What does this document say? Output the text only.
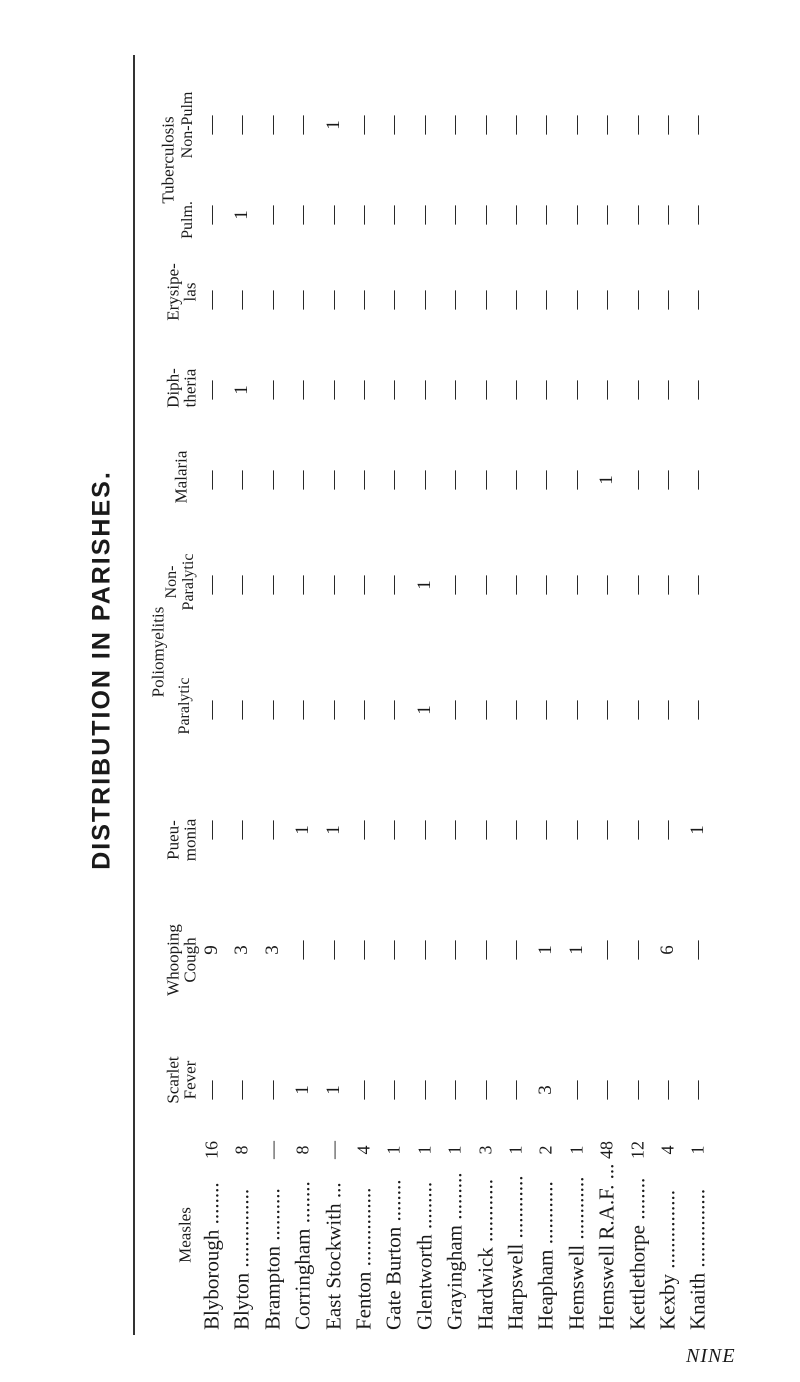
DISTRIBUTION IN PARISHES.
Measles
Scarlet
Fever
Whooping
Cough
Pueu-
monia
Poliomyelitis
Paralytic
Non- Paralytic
Malaria
Diph-
theria
Erysipe-
las
Tuberculosis
Pulm.
Non-Pulm
Blyborough ........
16
—
9
—
—
—
—
—
—
—
—
Blyton ...............
8
—
3
—
—
—
—
1
—
1
—
Brampton ..........
—
—
3
—
—
—
—
—
—
—
—
Corringham ........
8
1
—
1
—
—
—
—
—
—
—
East Stockwith ...
—
1
—
1
—
—
—
—
—
—
1
Fenton ...............
4
—
—
—
—
—
—
—
—
—
—
Gate Burton ........
1
—
—
—
—
—
—
—
—
—
—
Glentworth .........
1
—
—
—
1
1
—
—
—
—
—
Grayingham .........
1
—
—
—
—
—
—
—
—
—
—
Hardwick ............
3
—
—
—
—
—
—
—
—
—
—
Harpswell ............
1
—
—
—
—
—
—
—
—
—
—
Heapham ............
2
3
1
—
—
—
—
—
—
—
—
Hemswell ............
1
—
1
—
—
—
—
—
—
—
—
Hemswell R.A.F. ...
48
—
—
—
—
—
1
—
—
—
—
Kettlethorpe ........
12
—
—
—
—
—
—
—
—
—
—
Kexby ...............
4
—
6
—
—
—
—
—
—
—
—
Knaith ...............
1
—
—
1
—
—
—
—
—
—
—
NINE
